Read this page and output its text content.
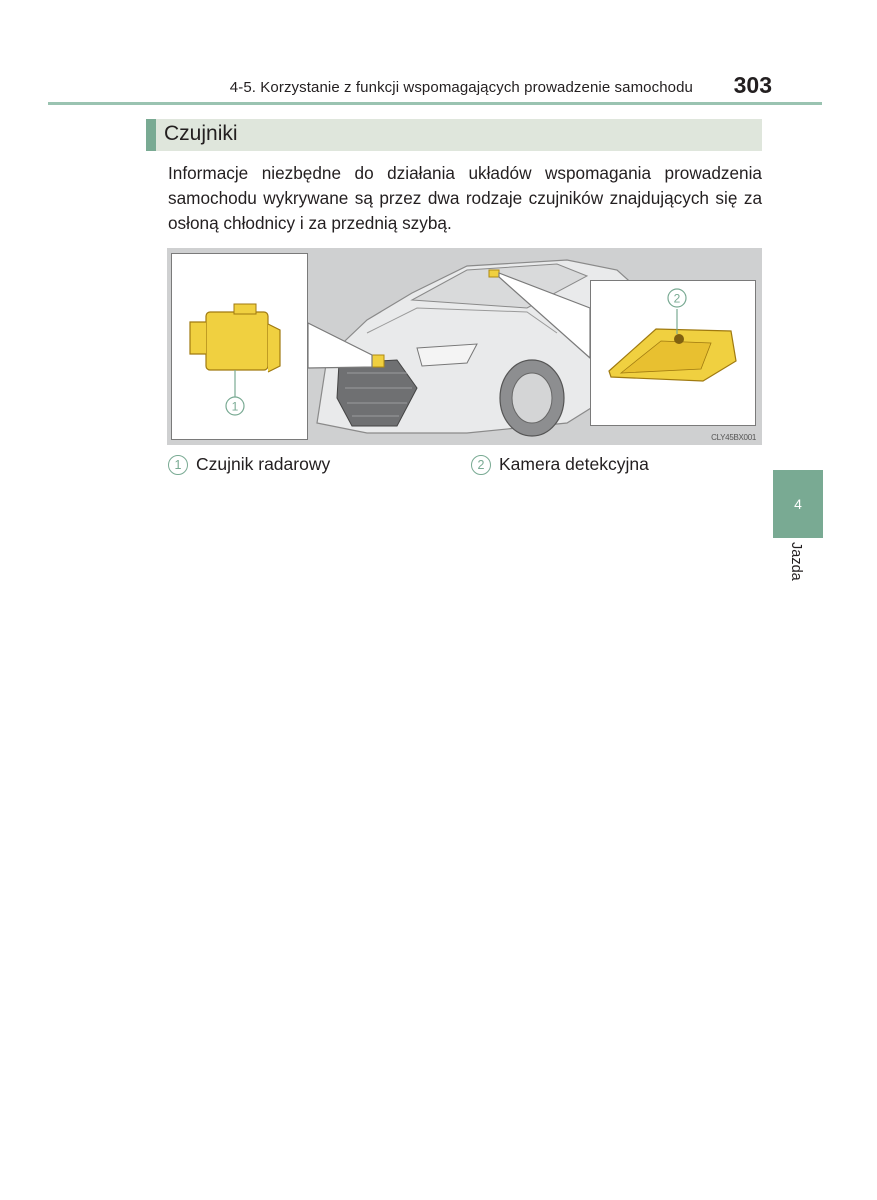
4-5. Korzystanie z funkcji wspomagających prowadzenie samochodu	303
Czujniki
Informacje niezbędne do działania układów wspomagania prowadzenia samochodu wykrywane są przez dwa rodzaje czujników znajdujących się za osłoną chłodnicy i za przednią szybą.
1
2
CLY45BX001
1 Czujnik radarowy	2 Kamera detekcyjna
4
Jazda
